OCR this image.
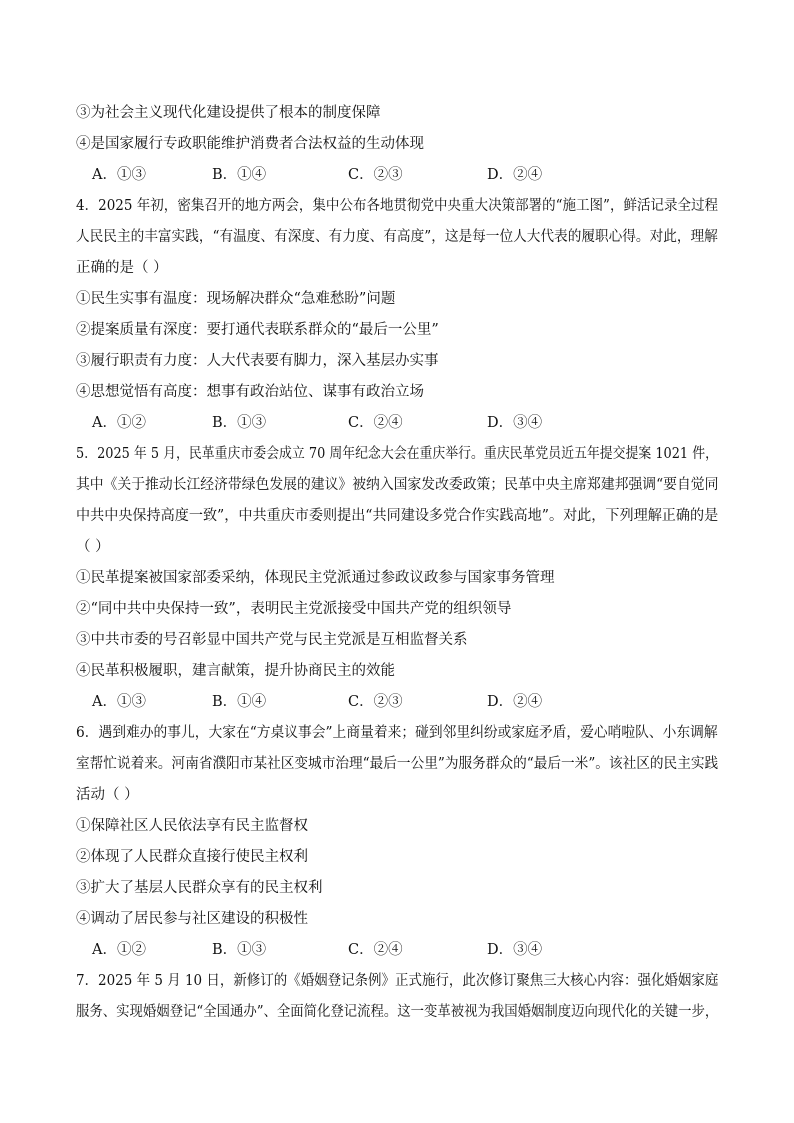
③为社会主义现代化建设提供了根本的制度保障
④是国家履行专政职能维护消费者合法权益的生动体现
A．①③	B．①④	C．②③	D．②④
4．2025 年初，密集召开的地方两会，集中公布各地贯彻党中央重大决策部署的“施工图”，鲜活记录全过程
人民民主的丰富实践，“有温度、有深度、有力度、有高度”，这是每一位人大代表的履职心得。对此，理解
正确的是（ ）
①民生实事有温度：现场解决群众“急难愁盼”问题
②提案质量有深度：要打通代表联系群众的“最后一公里”
③履行职责有力度：人大代表要有脚力，深入基层办实事
④思想觉悟有高度：想事有政治站位、谋事有政治立场
A．①②	B．①③	C．②④	D．③④
5．2025 年 5 月，民革重庆市委会成立 70 周年纪念大会在重庆举行。重庆民革党员近五年提交提案 1021 件，
其中《关于推动长江经济带绿色发展的建议》被纳入国家发改委政策；民革中央主席郑建邦强调“要自觉同
中共中央保持高度一致”，中共重庆市委则提出“共同建设多党合作实践高地”。对此，下列理解正确的是
（ ）
①民革提案被国家部委采纳，体现民主党派通过参政议政参与国家事务管理
②“同中共中央保持一致”，表明民主党派接受中国共产党的组织领导
③中共市委的号召彰显中国共产党与民主党派是互相监督关系
④民革积极履职，建言献策，提升协商民主的效能
A．①③	B．①④	C．②③	D．②④
6．遇到难办的事儿，大家在“方桌议事会”上商量着来；碰到邻里纠纷或家庭矛盾，爱心哨啦队、小东调解
室帮忙说着来。河南省濮阳市某社区变城市治理“最后一公里”为服务群众的“最后一米”。该社区的民主实践
活动（ ）
①保障社区人民依法享有民主监督权
②体现了人民群众直接行使民主权利
③扩大了基层人民群众享有的民主权利
④调动了居民参与社区建设的积极性
A．①②	B．①③	C．②④	D．③④
7．2025 年 5 月 10 日，新修订的《婚姻登记条例》正式施行，此次修订聚焦三大核心内容：强化婚姻家庭
服务、实现婚姻登记“全国通办”、全面简化登记流程。这一变革被视为我国婚姻制度迈向现代化的关键一步，
